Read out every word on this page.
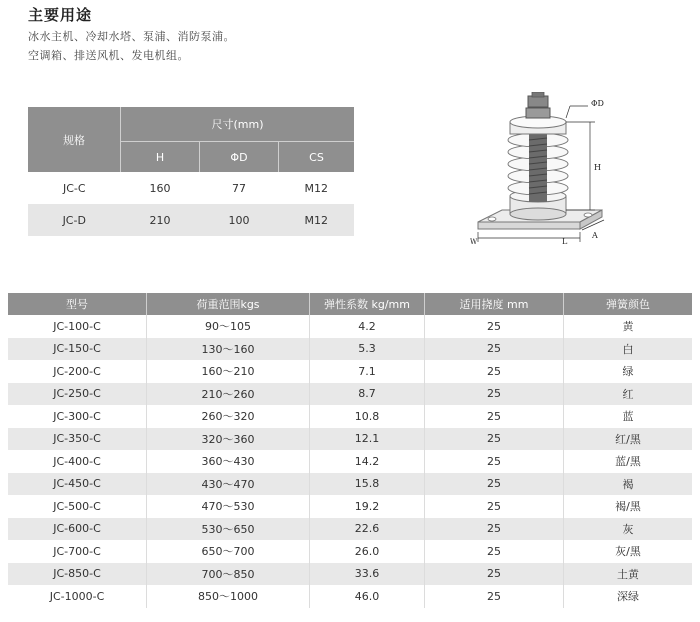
主要用途
冰水主机、冷却水塔、泵浦、消防泵浦。
空调箱、排送风机、发电机组。
规格	尺寸(mm)		
	H	ΦD	CS
JC-C	160	77	M12
JC-D	210	100	M12
ΦD
H
W	L
A
型号	荷重范围kgs	弹性系数 kg/mm	适用挠度 mm	弹簧颜色
JC-100-C	90～105	4.2	25	黄
JC-150-C	130～160	5.3	25	白
JC-200-C	160～210	7.1	25	绿
JC-250-C	210～260	8.7	25	红
JC-300-C	260～320	10.8	25	蓝
JC-350-C	320～360	12.1	25	红/黑
JC-400-C	360～430	14.2	25	蓝/黑
JC-450-C	430～470	15.8	25	褐
JC-500-C	470～530	19.2	25	褐/黑
JC-600-C	530～650	22.6	25	灰
JC-700-C	650～700	26.0	25	灰/黑
JC-850-C	700～850	33.6	25	土黄
JC-1000-C	850～1000	46.0	25	深绿
